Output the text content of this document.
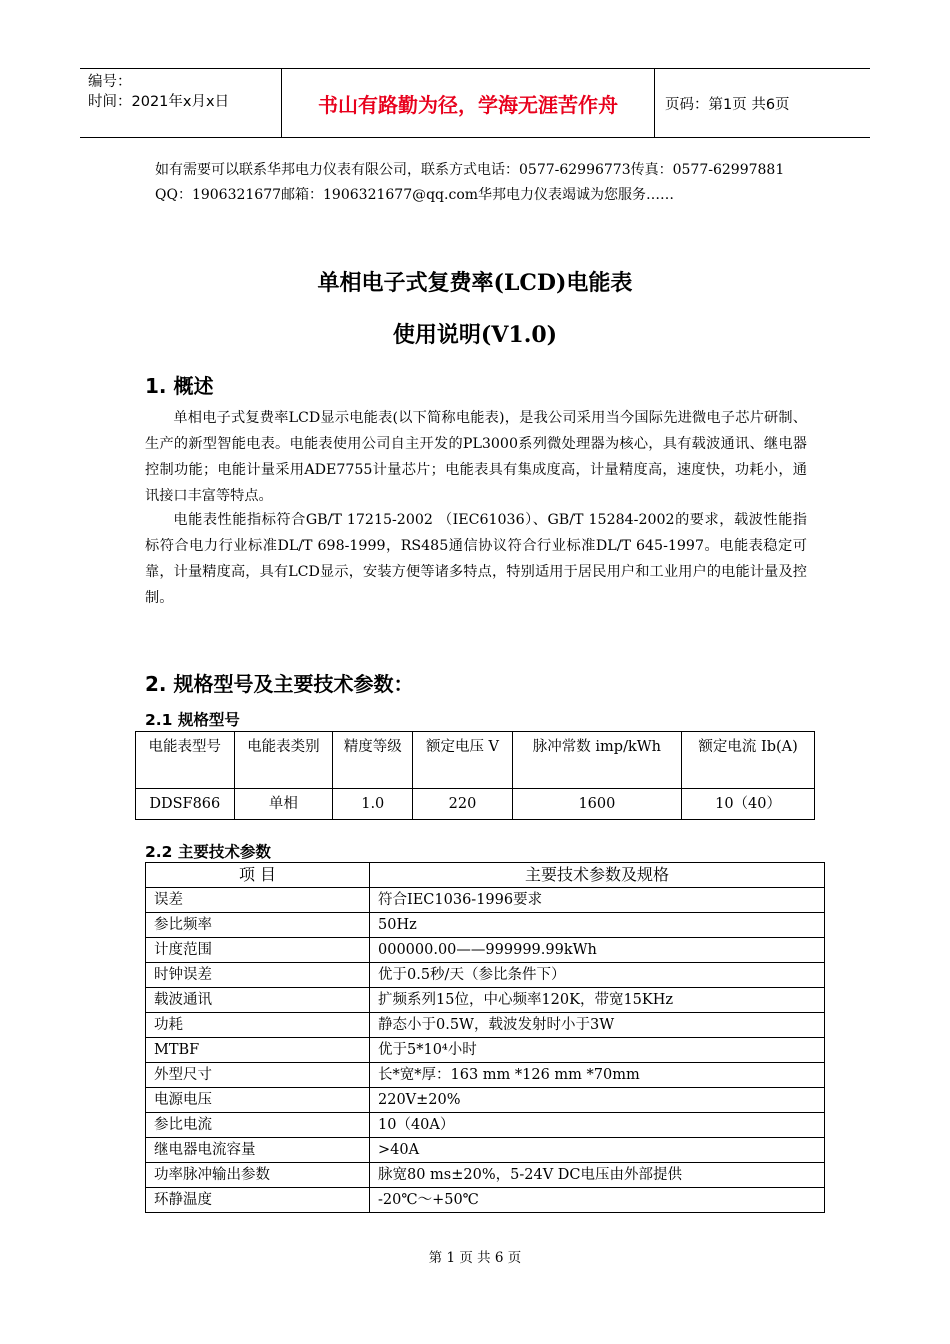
编号：
时间：2021年x月x日	书山有路勤为径，学海无涯苦作舟	页码：第1页 共6页
如有需要可以联系华邦电力仪表有限公司，联系方式电话：0577-62996773传真：0577-62997881 QQ：1906321677邮箱：1906321677@qq.com华邦电力仪表竭诚为您服务……
单相电子式复费率(LCD)电能表
使用说明(V1.0)
1. 概述
单相电子式复费率LCD显示电能表(以下简称电能表)，是我公司采用当今国际先进微电子芯片研制、生产的新型智能电表。电能表使用公司自主开发的PL3000系列微处理器为核心，具有载波通讯、继电器控制功能；电能计量采用ADE7755计量芯片；电能表具有集成度高，计量精度高，速度快，功耗小，通讯接口丰富等特点。
电能表性能指标符合GB/T 17215-2002 （IEC61036）、GB/T 15284-2002的要求，载波性能指标符合电力行业标准DL/T 698-1999，RS485通信协议符合行业标准DL/T 645-1997。电能表稳定可靠，计量精度高，具有LCD显示，安装方便等诸多特点，特别适用于居民用户和工业用户的电能计量及控制。
2. 规格型号及主要技术参数：
2.1 规格型号
电能表型号	电能表类别	精度等级	额定电压 V	脉冲常数 imp/kWh	额定电流 Ib(A)
DDSF866	单相	1.0	220	1600	10（40）
2.2 主要技术参数
项 目	主要技术参数及规格
误差	符合IEC1036-1996要求
参比频率	50Hz
计度范围	000000.00——999999.99kWh
时钟误差	优于0.5秒/天（参比条件下）
载波通讯	扩频系列15位，中心频率120K，带宽15KHz
功耗	静态小于0.5W，载波发射时小于3W
MTBF	优于5*10⁴小时
外型尺寸	长*宽*厚：163 mm *126 mm *70mm
电源电压	220V±20%
参比电流	10（40A）
继电器电流容量	>40A
功率脉冲输出参数	脉宽80 ms±20%，5-24V DC电压由外部提供
环静温度	-20℃～+50℃
第 1 页 共 6 页
